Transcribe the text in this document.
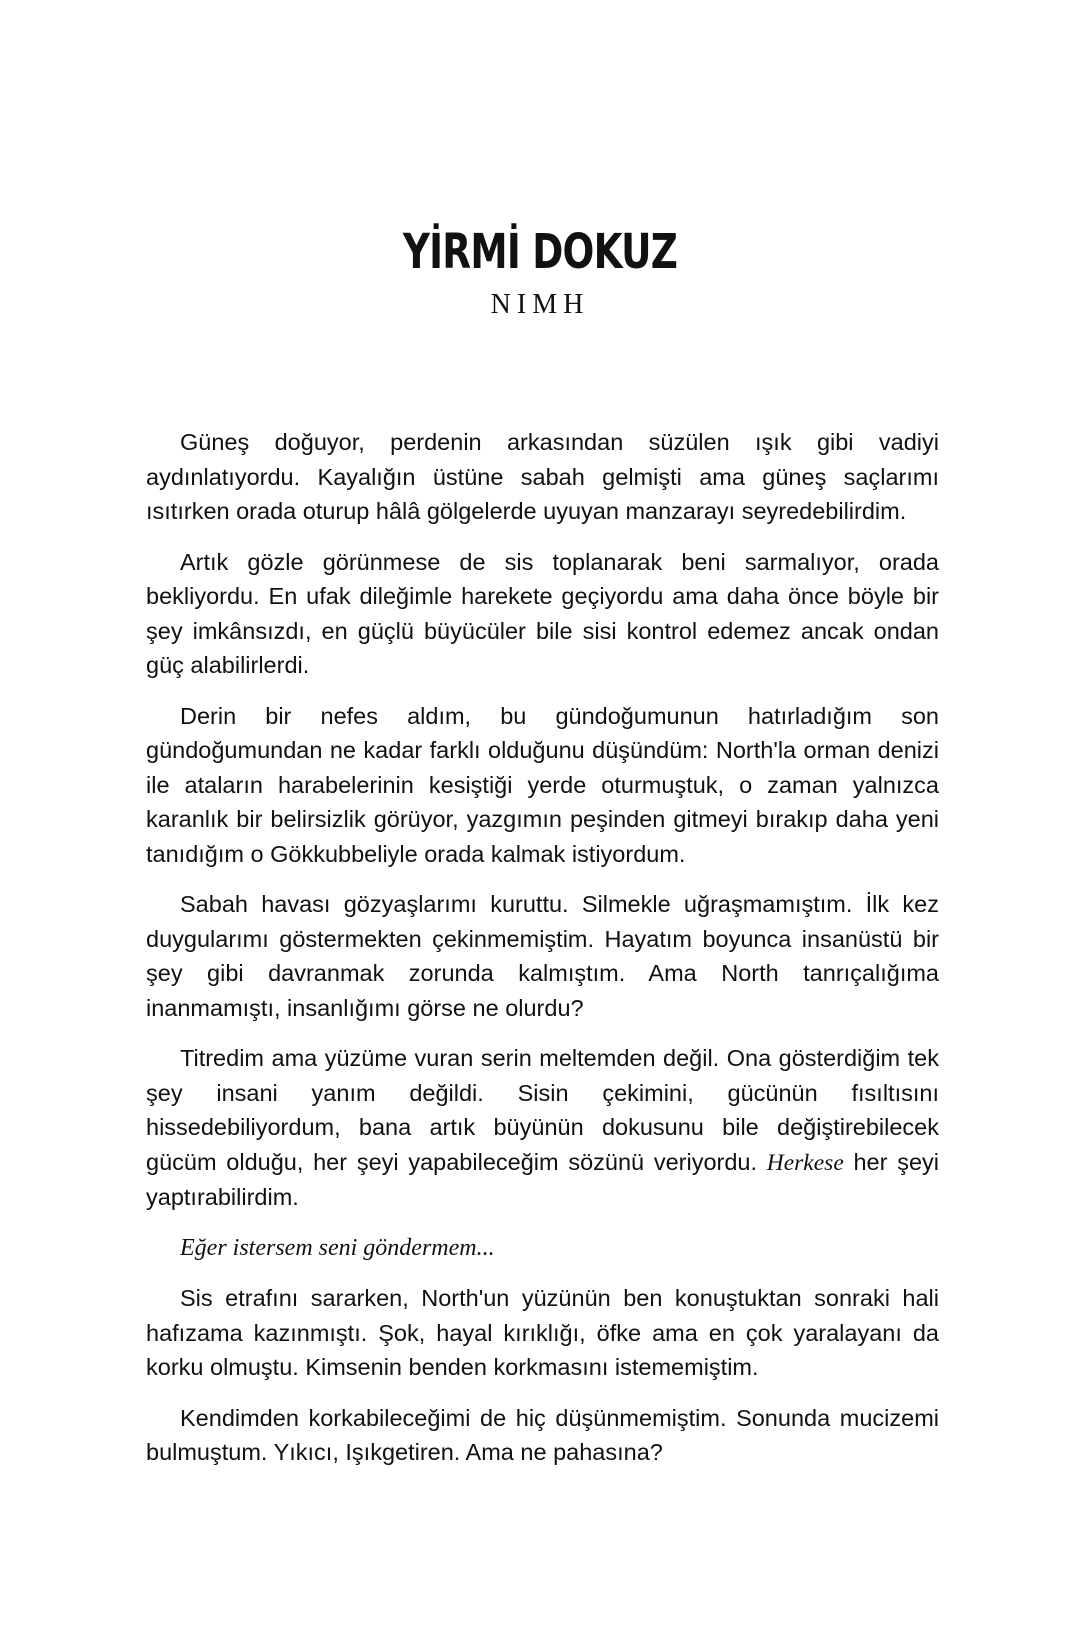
YİRMİ DOKUZ
NIMH

Güneş doğuyor, perdenin arkasından süzülen ışık gibi vadiyi aydınlatıyordu. Kayalığın üstüne sabah gelmişti ama güneş saçlarımı ısıtırken orada oturup hâlâ gölgelerde uyuyan manzarayı seyredebilirdim.

Artık gözle görünmese de sis toplanarak beni sarmalıyor, orada bekliyordu. En ufak dileğimle harekete geçiyordu ama daha önce böyle bir şey imkânsızdı, en güçlü büyücüler bile sisi kontrol edemez ancak ondan güç alabilirlerdi.

Derin bir nefes aldım, bu gündoğumunun hatırladığım son gündoğumundan ne kadar farklı olduğunu düşündüm: North'la orman denizi ile ataların harabelerinin kesiştiği yerde oturmuştuk, o zaman yalnızca karanlık bir belirsizlik görüyor, yazgımın peşinden gitmeyi bırakıp daha yeni tanıdığım o Gökkubbeliyle orada kalmak istiyordum.

Sabah havası gözyaşlarımı kuruttu. Silmekle uğraşmamıştım. İlk kez duygularımı göstermekten çekinmemiştim. Hayatım boyunca insanüstü bir şey gibi davranmak zorunda kalmıştım. Ama North tanrıçalığıma inanmamıştı, insanlığımı görse ne olurdu?

Titredim ama yüzüme vuran serin meltemden değil. Ona gösterdiğim tek şey insani yanım değildi. Sisin çekimini, gücünün fısıltısını hissedebiliyordum, bana artık büyünün dokusunu bile değiştirebilecek gücüm olduğu, her şeyi yapabileceğim sözünü veriyordu. Herkese her şeyi yaptırabilirdim.

Eğer istersem seni göndermem...

Sis etrafını sararken, North'un yüzünün ben konuştuktan sonraki hali hafızama kazınmıştı. Şok, hayal kırıklığı, öfke ama en çok yaralayanı da korku olmuştu. Kimsenin benden korkmasını istememiştim.

Kendimden korkabileceğimi de hiç düşünmemiştim. Sonunda mucizemi bulmuştum. Yıkıcı, Işıkgetiren. Ama ne pahasına?
